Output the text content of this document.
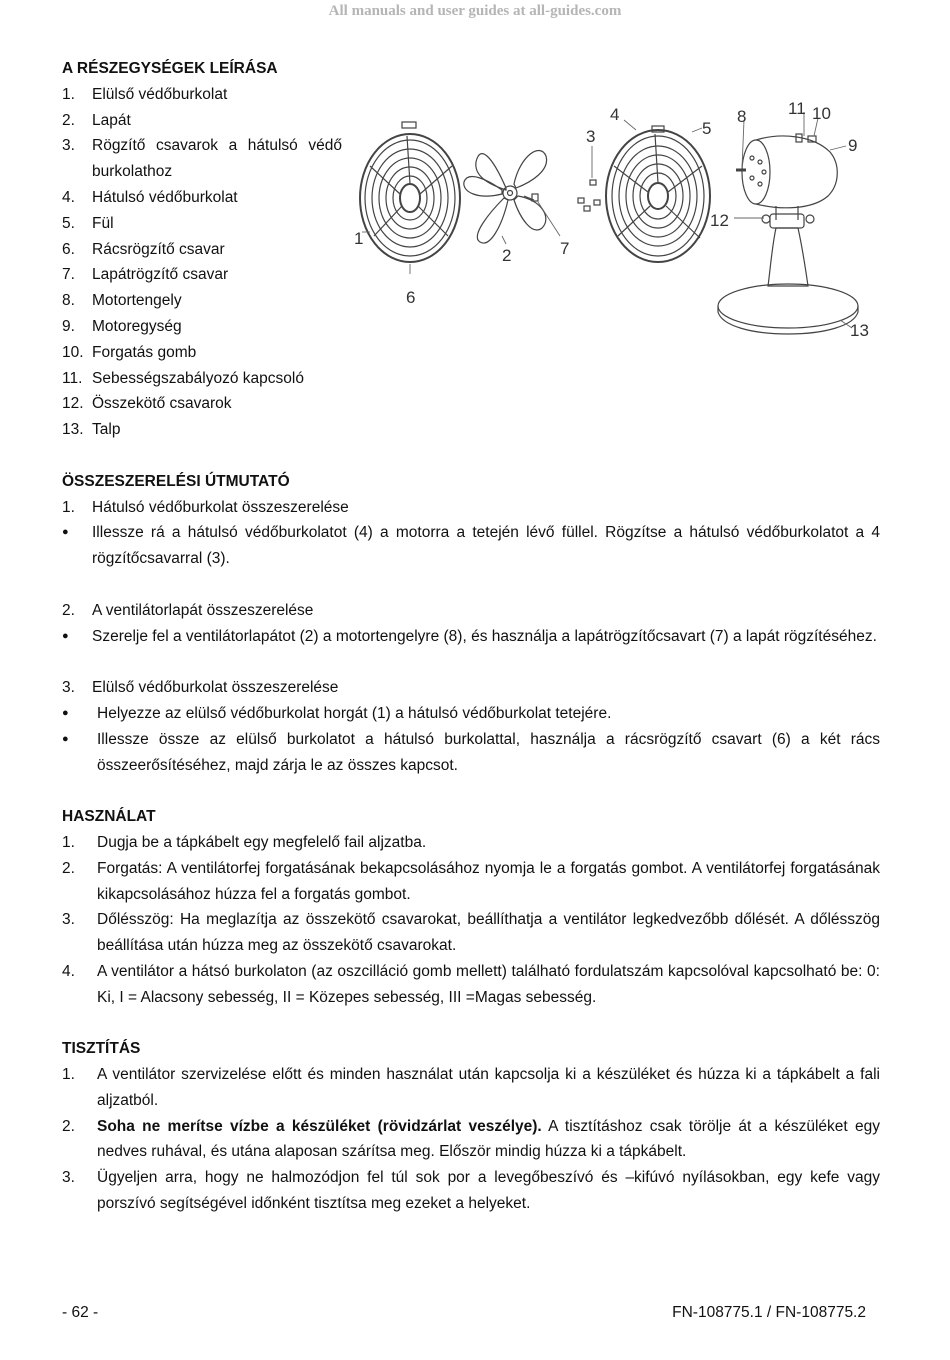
All manuals and user guides at all-guides.com
A RÉSZEGYSÉGEK LEÍRÁSA
1.	Elülső védőburkolat
2.	Lapát
3.	Rögzítő csavarok a hátulsó védő burkolathoz
4.	Hátulsó védőburkolat
5.	Fül
6.	Rácsrögzítő csavar
7.	Lapátrögzítő csavar
8.	Motortengely
9.	Motoregység
10. Forgatás gomb
11. Sebességszabályozó kapcsoló
12. Összekötő csavarok
13. Talp
ÖSSZESZERELÉSI ÚTMUTATÓ
1.	Hátulsó védőburkolat összeszerelése
●	Illessze rá a hátulsó védőburkolatot (4) a motorra a tetején lévő füllel. Rögzítse a hátulsó védőburkolatot a 4 rögzítőcsavarral (3).
2.	A ventilátorlapát összeszerelése
●	Szerelje fel a ventilátorlapátot (2) a motortengelyre (8), és használja a lapátrögzítőcsavart (7) a lapát rögzítéséhez.
3.	Elülső védőburkolat összeszerelése
●	Helyezze az elülső védőburkolat horgát (1) a hátulsó védőburkolat tetejére.
●	Illessze össze az elülső burkolatot a hátulsó burkolattal, használja a rácsrögzítő csavart (6) a két rács összeerősítéséhez, majd zárja le az összes kapcsot.
HASZNÁLAT
1.	Dugja be a tápkábelt egy megfelelő fail aljzatba.
2.	Forgatás: A ventilátorfej forgatásának bekapcsolásához nyomja le a forgatás gombot. A ventilátorfej forgatásának kikapcsolásához húzza fel a forgatás gombot.
3.	Dőlésszög: Ha meglazítja az összekötő csavarokat, beállíthatja a ventilátor legkedvezőbb dőlését. A dőlésszög beállítása után húzza meg az összekötő csavarokat.
4.	A ventilátor a hátsó burkolaton (az oszcilláció gomb mellett) található fordulatszám kapcsolóval kapcsolható be: 0: Ki, I = Alacsony sebesség, II = Közepes sebesség, III =Magas sebesség.
TISZTÍTÁS
1.	A ventilátor szervizelése előtt és minden használat után kapcsolja ki a készüléket és húzza ki a tápkábelt a fali aljzatból.
2.	Soha ne merítse vízbe a készüléket (rövidzárlat veszélye). A tisztításhoz csak törölje át a készüléket egy nedves ruhával, és utána alaposan szárítsa meg. Először mindig húzza ki a tápkábelt.
3.	Ügyeljen arra, hogy ne halmozódjon fel túl sok por a levegőbeszívó és –kifúvó nyílásokban, egy kefe vagy porszívó segítségével időnként tisztítsa meg ezeket a helyeket.
1
2
3
4
5
6
7
8
9
10
11
12
13
- 62 -	FN-108775.1 / FN-108775.2
